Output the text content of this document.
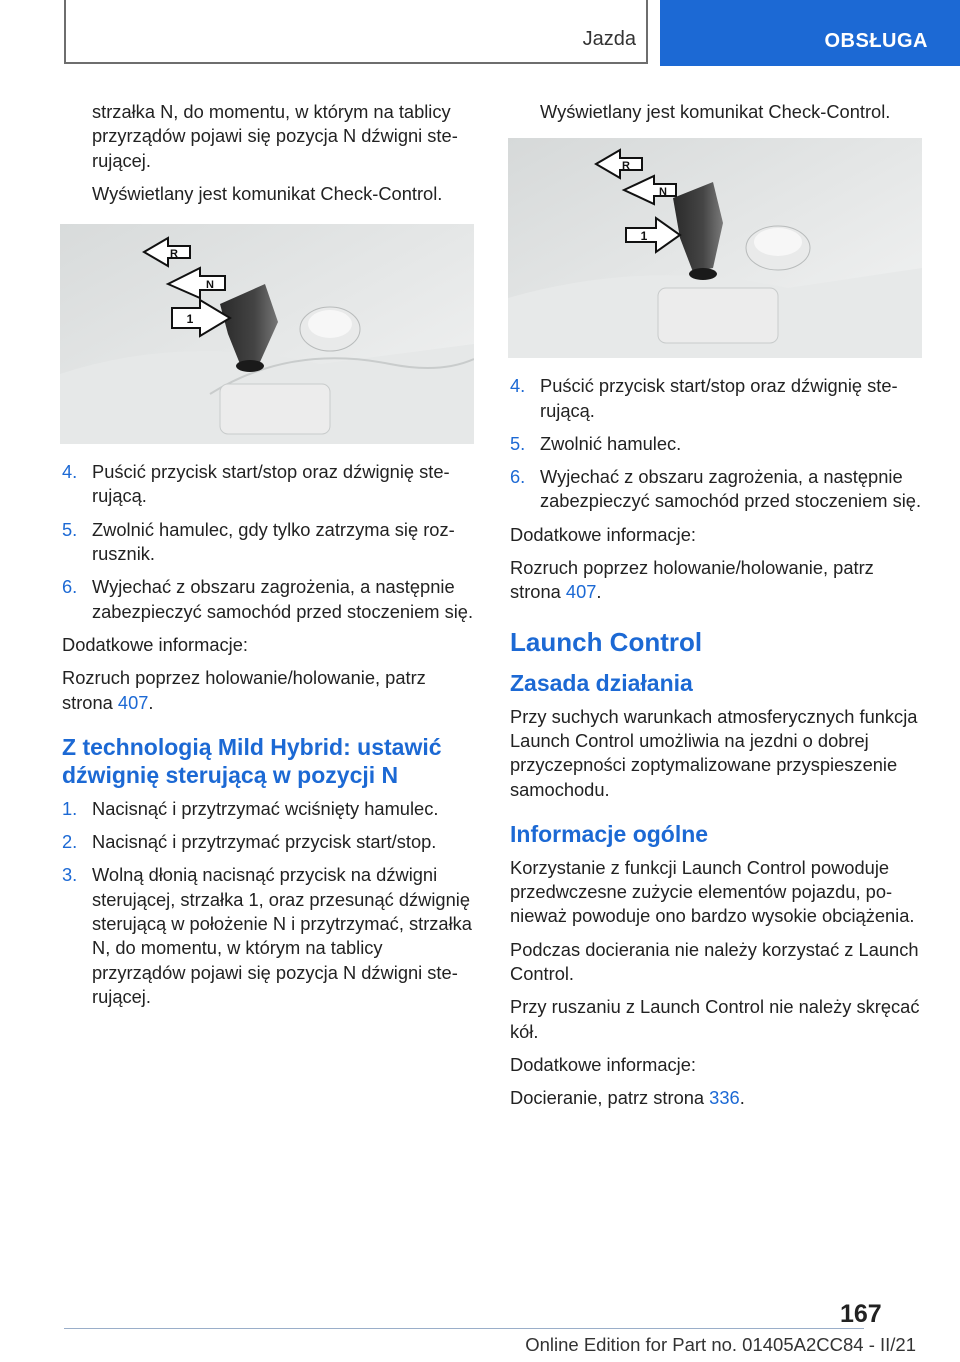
Jazda	OBSŁUGA

strzałka N, do momentu, w którym na tablicy przyrządów pojawi się pozycja N dźwigni sterującej.

Wyświetlany jest komunikat Check-Control.

R
N
1
4. Puścić przycisk start/stop oraz dźwignię sterującą.
5. Zwolnić hamulec, gdy tylko zatrzyma się rozrusznik.
6. Wyjechać z obszaru zagrożenia, a następnie zabezpieczyć samochód przed stoczeniem się.

Dodatkowe informacje:

Rozruch poprzez holowanie/holowanie, patrz strona 407.

Z technologią Mild Hybrid: ustawić dźwignię sterującą w pozycji N
1. Nacisnąć i przytrzymać wciśnięty hamulec.
2. Nacisnąć i przytrzymać przycisk start/stop.
3. Wolną dłonią nacisnąć przycisk na dźwigni sterującej, strzałka 1, oraz przesunąć dźwignię sterującą w położenie N i przytrzymać, strzałka N, do momentu, w którym na tablicy przyrządów pojawi się pozycja N dźwigni sterującej.

Wyświetlany jest komunikat Check-Control.

R
N
1
4. Puścić przycisk start/stop oraz dźwignię sterującą.
5. Zwolnić hamulec.
6. Wyjechać z obszaru zagrożenia, a następnie zabezpieczyć samochód przed stoczeniem się.

Dodatkowe informacje:

Rozruch poprzez holowanie/holowanie, patrz strona 407.

Launch Control
Zasada działania

Przy suchych warunkach atmosferycznych funkcja Launch Control umożliwia na jezdni o dobrej przyczepności zoptymalizowane przyspieszenie samochodu.

Informacje ogólne

Korzystanie z funkcji Launch Control powoduje przedwczesne zużycie elementów pojazdu, ponieważ powoduje ono bardzo wysokie obciążenia.

Podczas docierania nie należy korzystać z Launch Control.

Przy ruszaniu z Launch Control nie należy skręcać kół.

Dodatkowe informacje:

Docieranie, patrz strona 336.

167
Online Edition for Part no. 01405A2CC84 - II/21
